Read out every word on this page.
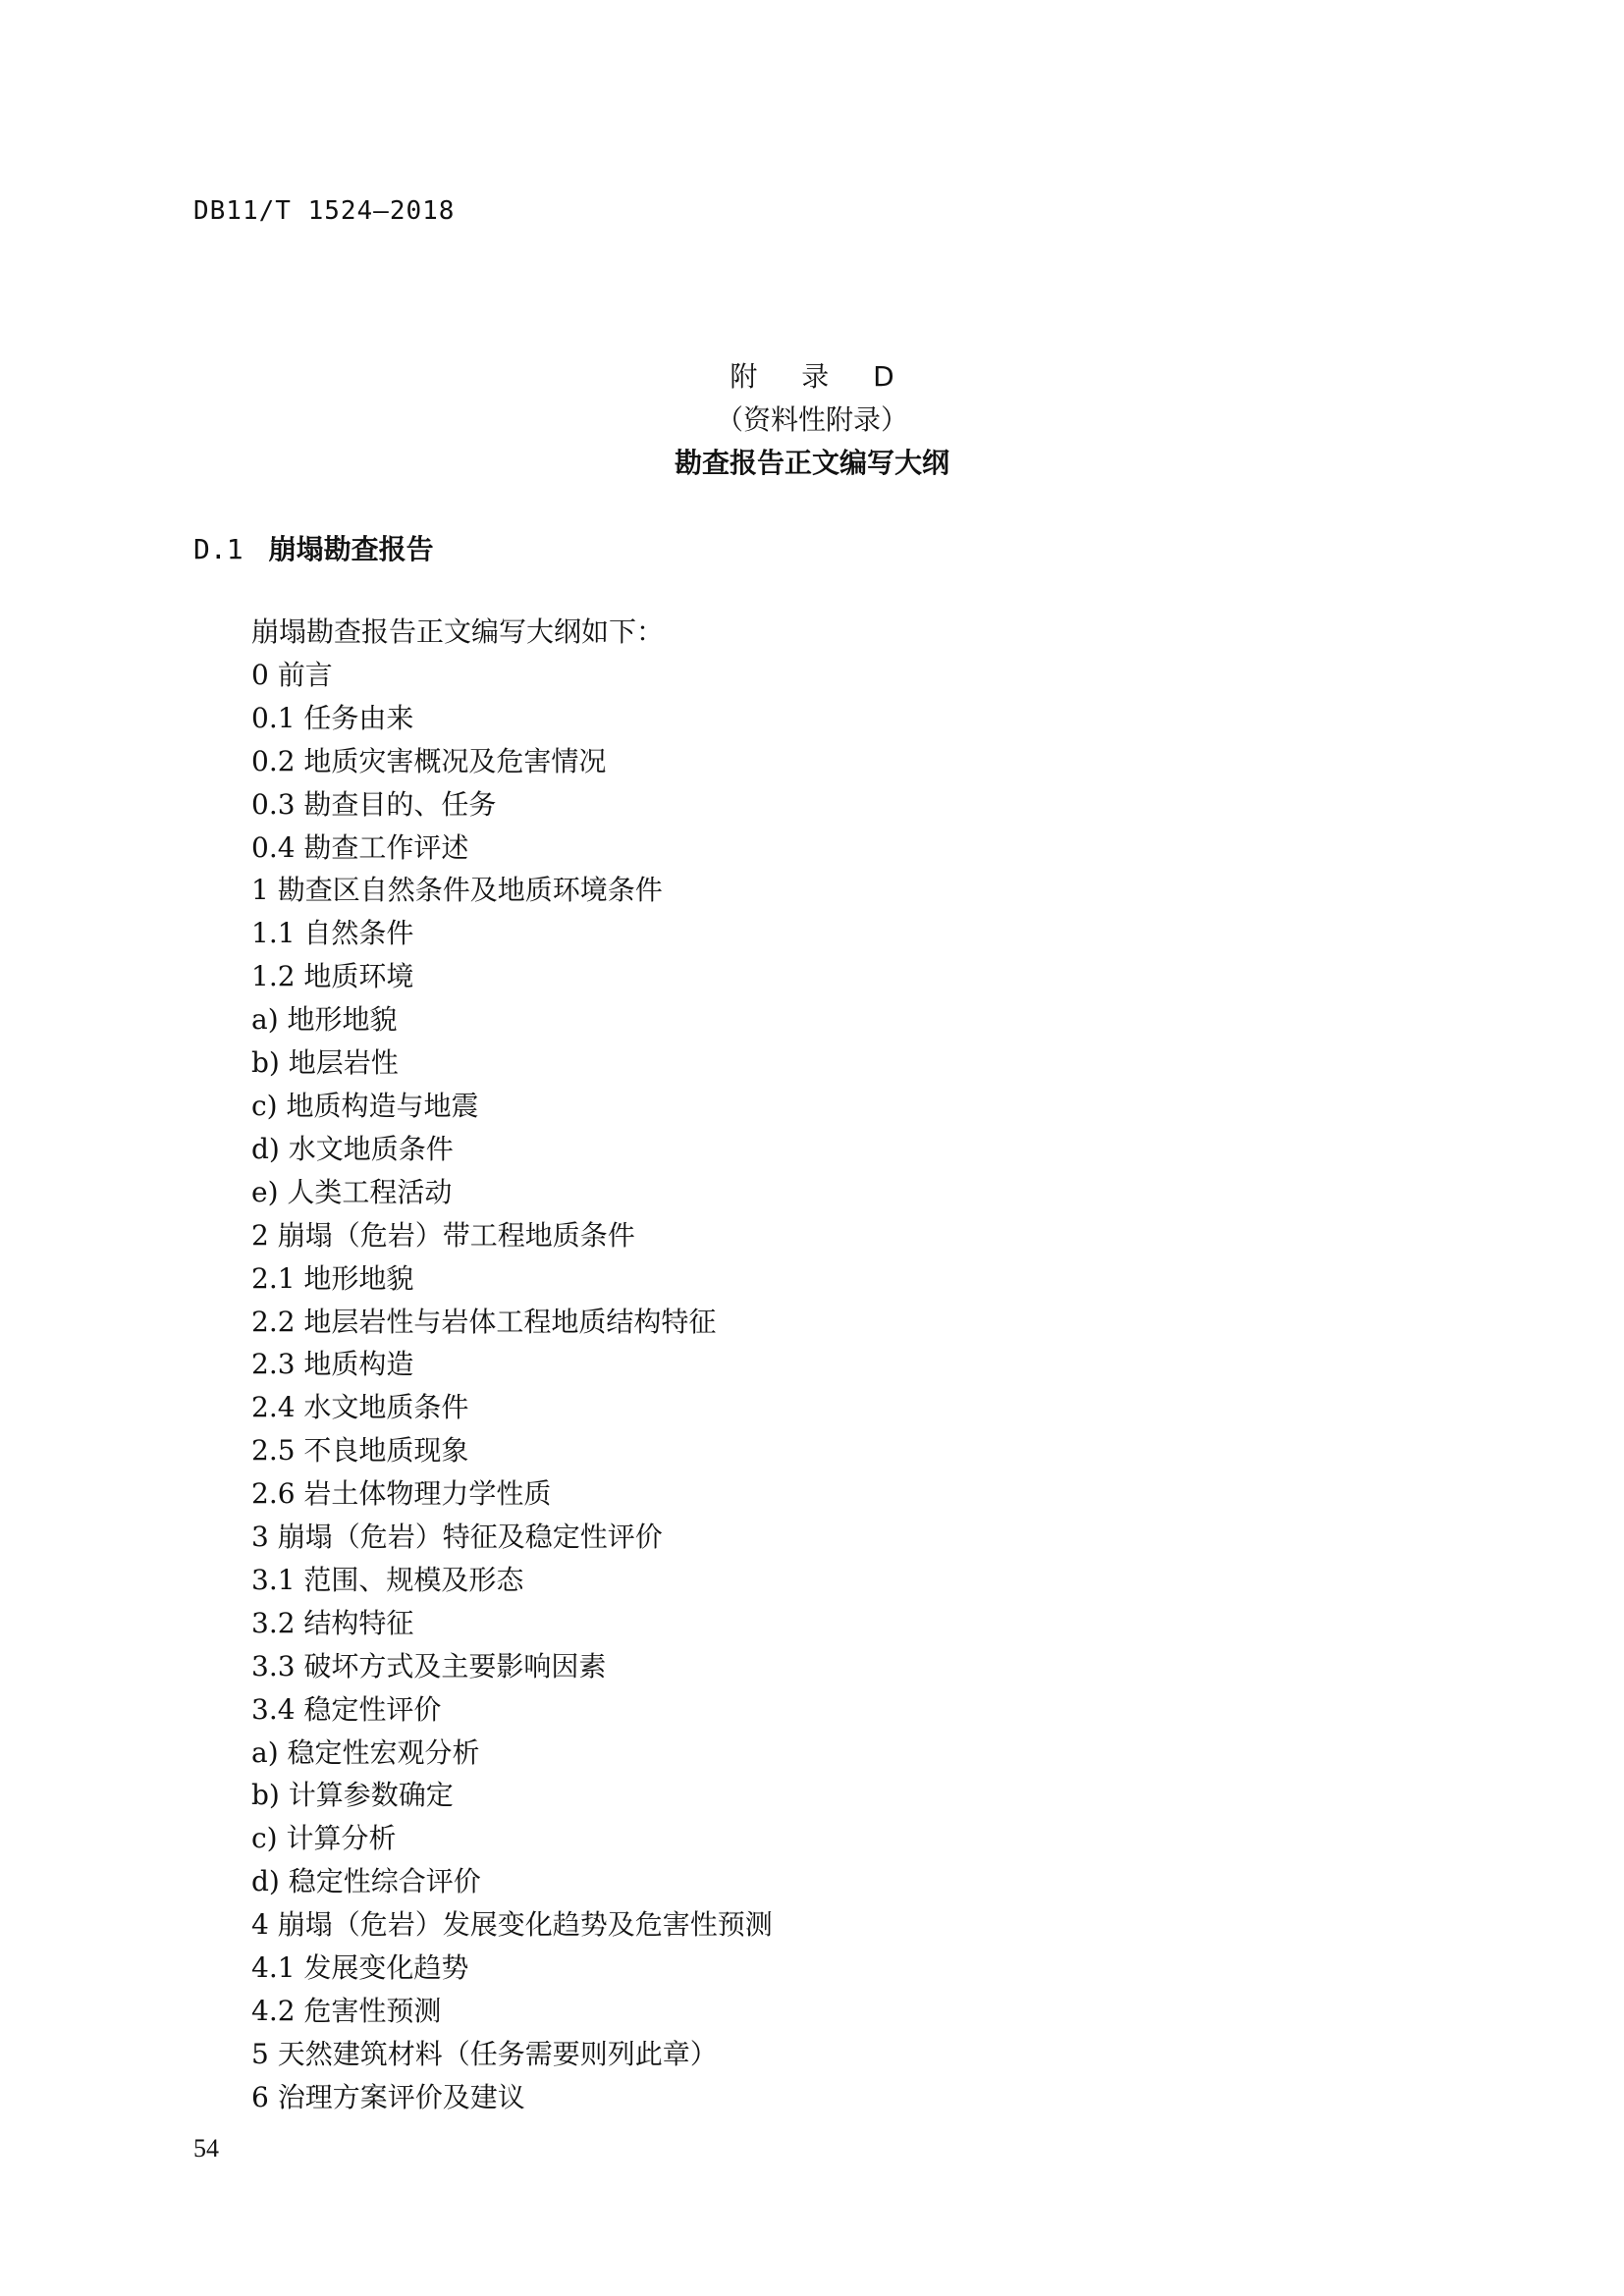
DB11/T 1524—2018

附 录 D

（资料性附录）

勘查报告正文编写大纲

D.1 崩塌勘查报告
崩塌勘查报告正文编写大纲如下：
0 前言
0.1 任务由来
0.2 地质灾害概况及危害情况
0.3 勘查目的、任务
0.4 勘查工作评述
1 勘查区自然条件及地质环境条件
1.1 自然条件
1.2 地质环境
a) 地形地貌
b) 地层岩性
c) 地质构造与地震
d) 水文地质条件
e) 人类工程活动
2 崩塌（危岩）带工程地质条件
2.1 地形地貌
2.2 地层岩性与岩体工程地质结构特征
2.3 地质构造
2.4 水文地质条件
2.5 不良地质现象
2.6 岩土体物理力学性质
3 崩塌（危岩）特征及稳定性评价
3.1 范围、规模及形态
3.2 结构特征
3.3 破坏方式及主要影响因素
3.4 稳定性评价
a) 稳定性宏观分析
b) 计算参数确定
c) 计算分析
d) 稳定性综合评价
4 崩塌（危岩）发展变化趋势及危害性预测
4.1 发展变化趋势
4.2 危害性预测
5 天然建筑材料（任务需要则列此章）
6 治理方案评价及建议
54
